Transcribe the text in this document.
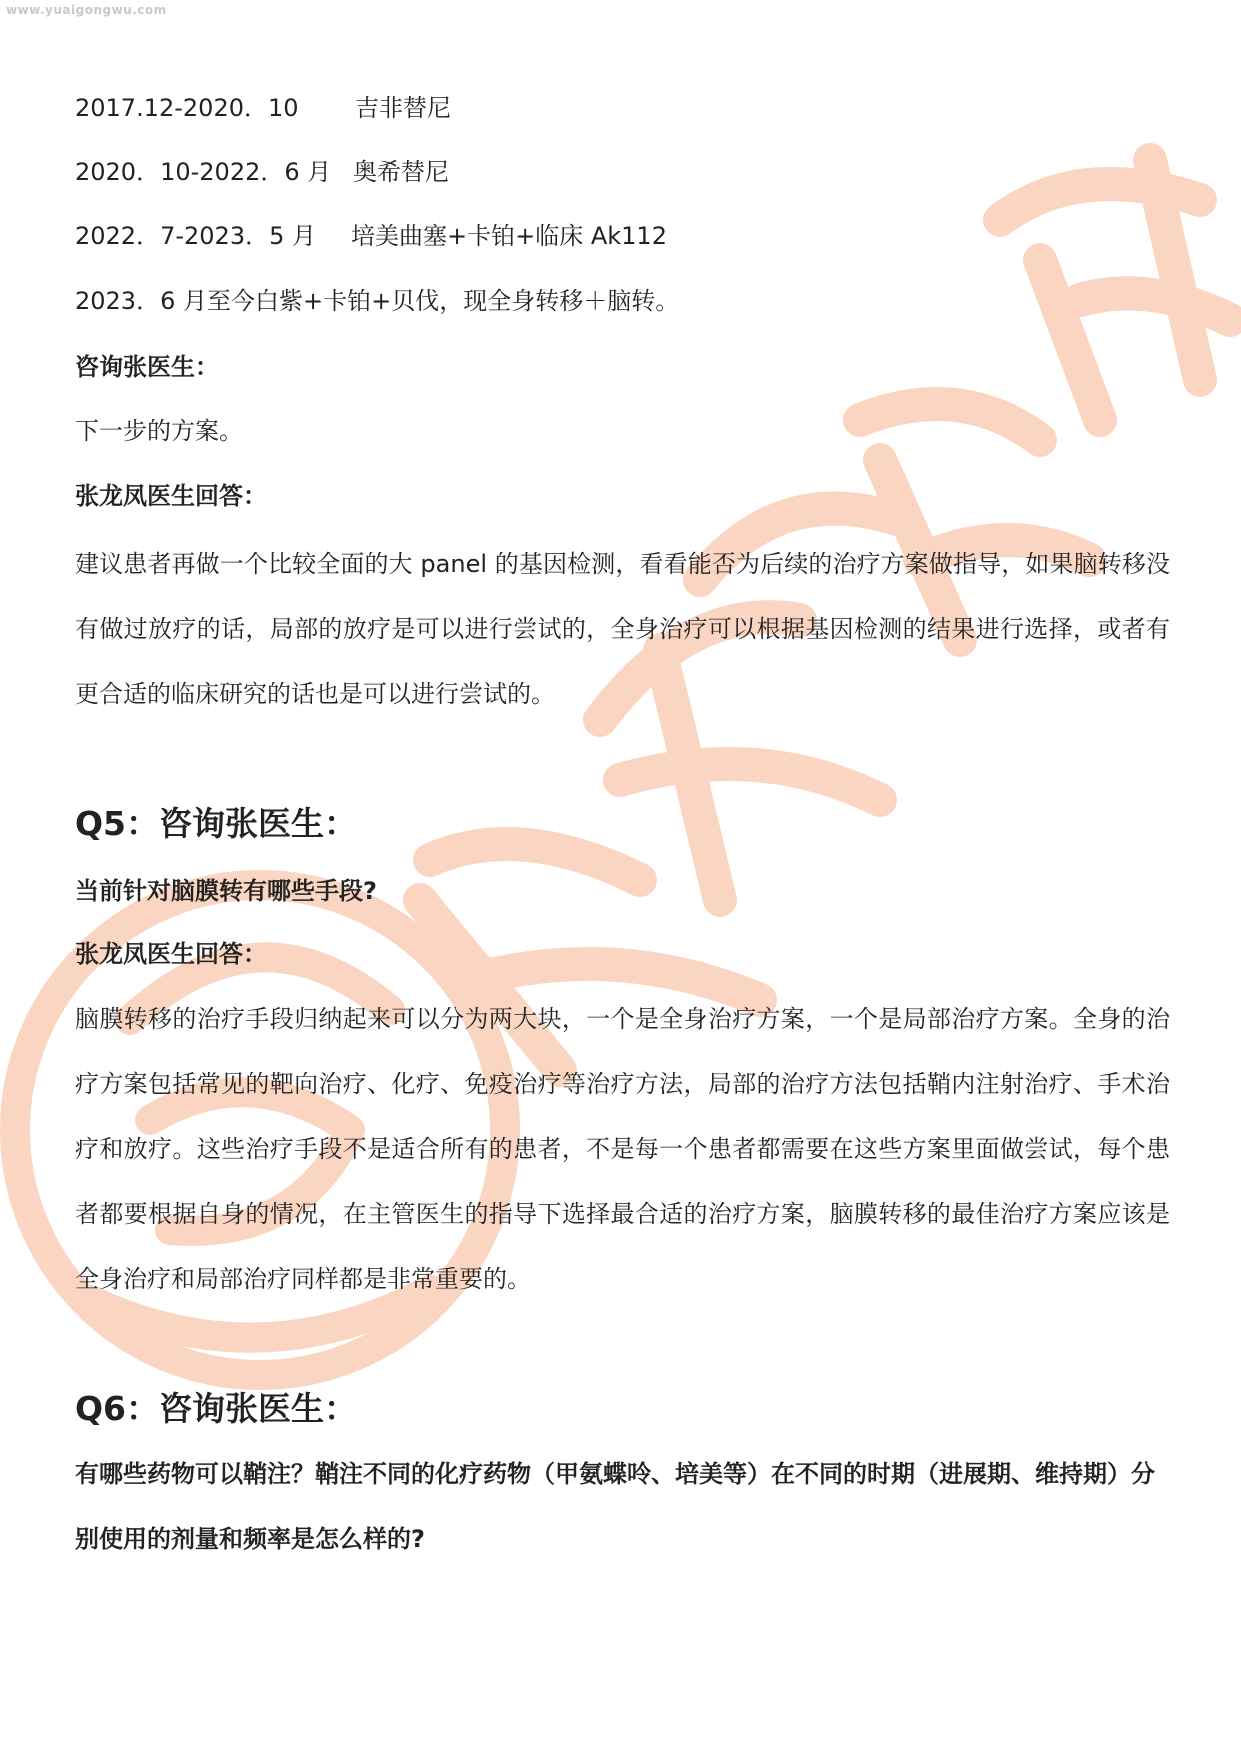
www.yuaigongwu.com
2017.12-2020．10 吉非替尼
2020．10-2022．6 月 奥希替尼
2022．7-2023．5 月 培美曲塞+卡铂+临床 Ak112
2023．6 月至今白紫+卡铂+贝伐，现全身转移＋脑转。
咨询张医生：
下一步的方案。
张龙凤医生回答：
建议患者再做一个比较全面的大 panel 的基因检测，看看能否为后续的治疗方案做指导，如果脑转移没有做过放疗的话，局部的放疗是可以进行尝试的，全身治疗可以根据基因检测的结果进行选择，或者有更合适的临床研究的话也是可以进行尝试的。
Q5：咨询张医生：
当前针对脑膜转有哪些手段?
张龙凤医生回答：
脑膜转移的治疗手段归纳起来可以分为两大块，一个是全身治疗方案，一个是局部治疗方案。全身的治疗方案包括常见的靶向治疗、化疗、免疫治疗等治疗方法，局部的治疗方法包括鞘内注射治疗、手术治疗和放疗。这些治疗手段不是适合所有的患者，不是每一个患者都需要在这些方案里面做尝试，每个患者都要根据自身的情况，在主管医生的指导下选择最合适的治疗方案，脑膜转移的最佳治疗方案应该是全身治疗和局部治疗同样都是非常重要的。
Q6：咨询张医生：
有哪些药物可以鞘注？鞘注不同的化疗药物（甲氨蝶呤、培美等）在不同的时期（进展期、维持期）分别使用的剂量和频率是怎么样的?
